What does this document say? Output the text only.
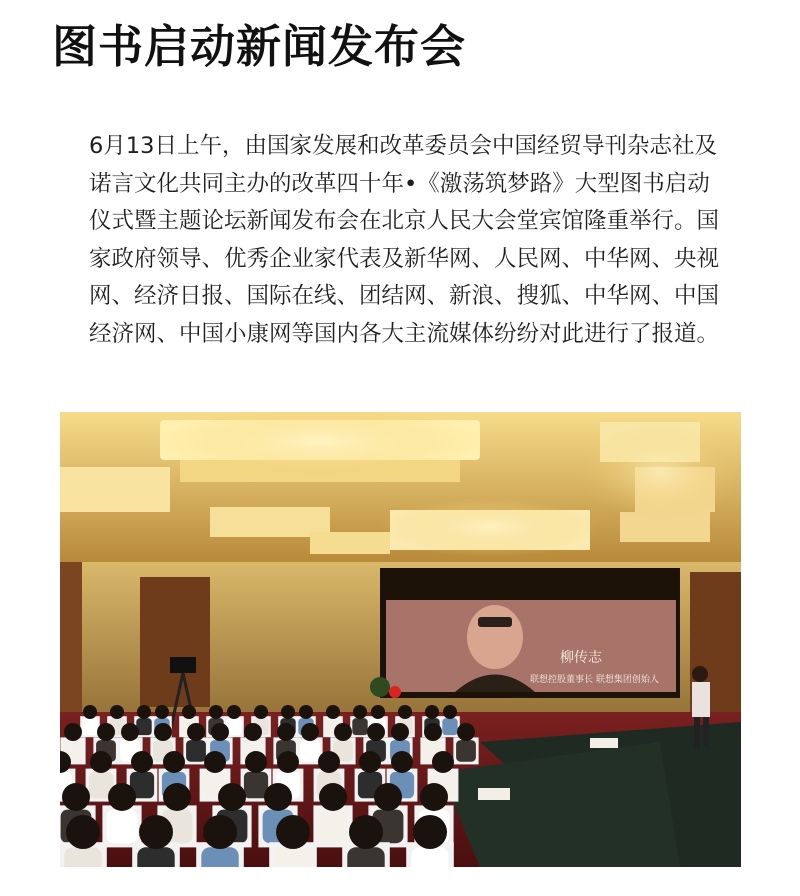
图书启动新闻发布会

6月13日上午，由国家发展和改革委员会中国经贸导刊杂志社及
诺言文化共同主办的改革四十年•《激荡筑梦路》大型图书启动
仪式暨主题论坛新闻发布会在北京人民大会堂宾馆隆重举行。国
家政府领导、优秀企业家代表及新华网、人民网、中华网、央视
网、经济日报、国际在线、团结网、新浪、搜狐、中华网、中国
经济网、中国小康网等国内各大主流媒体纷纷对此进行了报道。

柳传志
联想控股董事长 联想集团创始人
